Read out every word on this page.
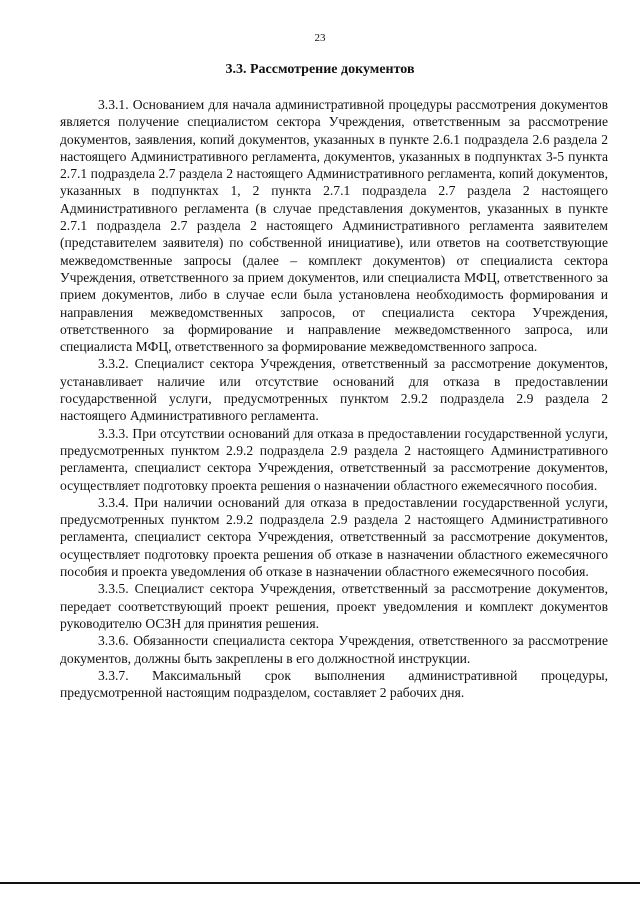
23
3.3. Рассмотрение документов

3.3.1. Основанием для начала административной процедуры рассмотрения документов является получение специалистом сектора Учреждения, ответственным за рассмотрение документов, заявления, копий документов, указанных в пункте 2.6.1 подраздела 2.6 раздела 2 настоящего Административного регламента, документов, указанных в подпунктах 3-5 пункта 2.7.1 подраздела 2.7 раздела 2 настоящего Административного регламента, копий документов, указанных в подпунктах 1, 2 пункта 2.7.1 подраздела 2.7 раздела 2 настоящего Административного регламента (в случае представления документов, указанных в пункте 2.7.1 подраздела 2.7 раздела 2 настоящего Административного регламента заявителем (представителем заявителя) по собственной инициативе), или ответов на соответствующие межведомственные запросы (далее – комплект документов) от специалиста сектора Учреждения, ответственного за прием документов, или специалиста МФЦ, ответственного за прием документов, либо в случае если была установлена необходимость формирования и направления межведомственных запросов, от специалиста сектора Учреждения, ответственного за формирование и направление межведомственного запроса, или специалиста МФЦ, ответственного за формирование межведомственного запроса.

3.3.2. Специалист сектора Учреждения, ответственный за рассмотрение документов, устанавливает наличие или отсутствие оснований для отказа в предоставлении государственной услуги, предусмотренных пунктом 2.9.2 подраздела 2.9 раздела 2 настоящего Административного регламента.

3.3.3. При отсутствии оснований для отказа в предоставлении государственной услуги, предусмотренных пунктом 2.9.2 подраздела 2.9 раздела 2 настоящего Административного регламента, специалист сектора Учреждения, ответственный за рассмотрение документов, осуществляет подготовку проекта решения о назначении областного ежемесячного пособия.

3.3.4. При наличии оснований для отказа в предоставлении государственной услуги, предусмотренных пунктом 2.9.2 подраздела 2.9 раздела 2 настоящего Административного регламента, специалист сектора Учреждения, ответственный за рассмотрение документов, осуществляет подготовку проекта решения об отказе в назначении областного ежемесячного пособия и проекта уведомления об отказе в назначении областного ежемесячного пособия.

3.3.5. Специалист сектора Учреждения, ответственный за рассмотрение документов, передает соответствующий проект решения, проект уведомления и комплект документов руководителю ОСЗН для принятия решения.

3.3.6. Обязанности специалиста сектора Учреждения, ответственного за рассмотрение документов, должны быть закреплены в его должностной инструкции.

3.3.7. Максимальный срок выполнения административной процедуры, предусмотренной настоящим подразделом, составляет 2 рабочих дня.
